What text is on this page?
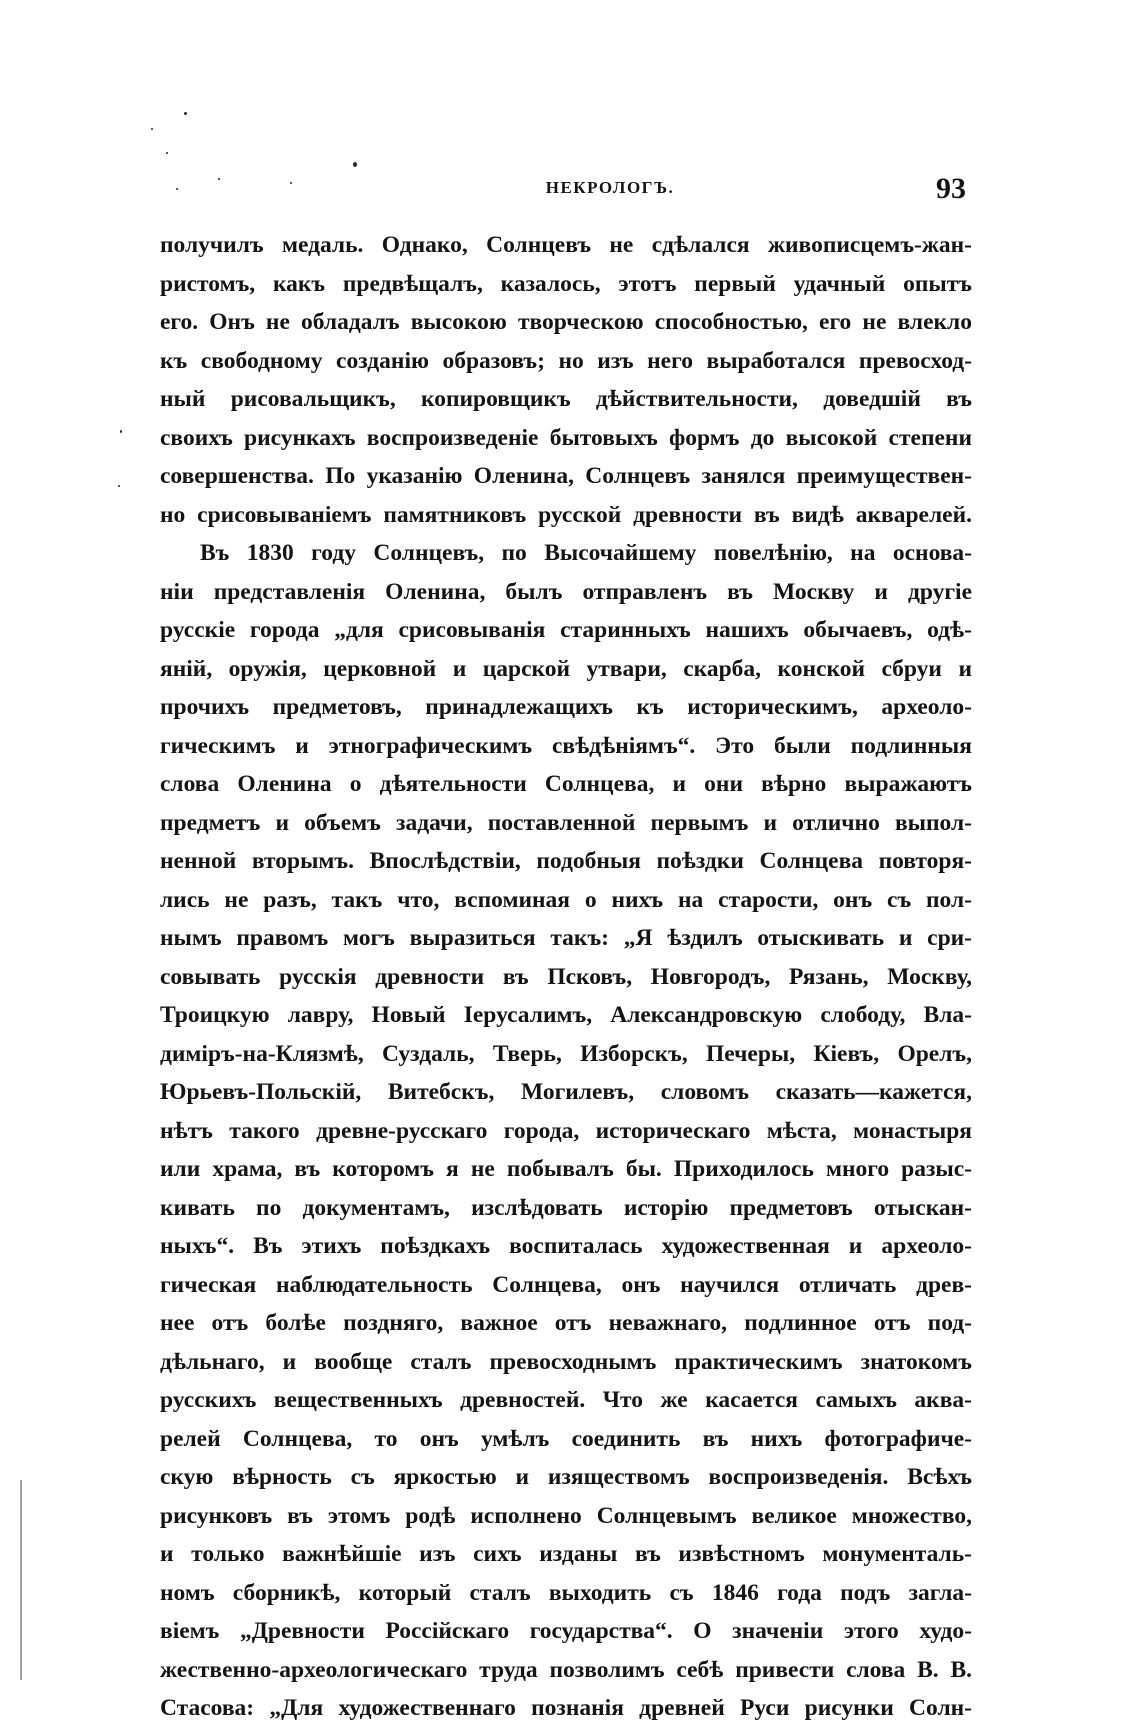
НЕКРОЛОГЪ.	93
получилъ медаль. Однако, Солнцевъ не сдѣлался живописцемъ-жан-
ристомъ, какъ предвѣщалъ, казалось, этотъ первый удачный опытъ
его. Онъ не обладалъ высокою творческою способностью, его не влекло
къ свободному созданію образовъ; но изъ него выработался превосход-
ный рисовальщикъ, копировщикъ дѣйствительности, доведшій въ
своихъ рисункахъ воспроизведеніе бытовыхъ формъ до высокой степени
совершенства. По указанію Оленина, Солнцевъ занялся преимуществен-
но срисовываніемъ памятниковъ русской древности въ видѣ акварелей.
Въ 1830 году Солнцевъ, по Высочайшему повелѣнію, на основа-
ніи представленія Оленина, былъ отправленъ въ Москву и другіе
русскіе города „для срисовыванія старинныхъ нашихъ обычаевъ, одѣ-
яній, оружія, церковной и царской утвари, скарба, конской сбруи и
прочихъ предметовъ, принадлежащихъ къ историческимъ, археоло-
гическимъ и этнографическимъ свѣдѣніямъ“. Это были подлинныя
слова Оленина о дѣятельности Солнцева, и они вѣрно выражаютъ
предметъ и объемъ задачи, поставленной первымъ и отлично выпол-
ненной вторымъ. Впослѣдствіи, подобныя поѣздки Солнцева повторя-
лись не разъ, такъ что, вспоминая о нихъ на старости, онъ съ пол-
нымъ правомъ могъ выразиться такъ: „Я ѣздилъ отыскивать и сри-
совывать русскія древности въ Псковъ, Новгородъ, Рязань, Москву,
Троицкую лавру, Новый Іерусалимъ, Александровскую слободу, Вла-
диміръ-на-Клязмѣ, Суздаль, Тверь, Изборскъ, Печеры, Кіевъ, Орелъ,
Юрьевъ-Польскій, Витебскъ, Могилевъ, словомъ сказать—кажется,
нѣтъ такого древне-русскаго города, историческаго мѣста, монастыря
или храма, въ которомъ я не побывалъ бы. Приходилось много разыс-
кивать по документамъ, изслѣдовать исторію предметовъ отыскан-
ныхъ“. Въ этихъ поѣздкахъ воспиталась художественная и археоло-
гическая наблюдательность Солнцева, онъ научился отличать древ-
нее отъ болѣе поздняго, важное отъ неважнаго, подлинное отъ под-
дѣльнаго, и вообще сталъ превосходнымъ практическимъ знатокомъ
русскихъ вещественныхъ древностей. Что же касается самыхъ аква-
релей Солнцева, то онъ умѣлъ соединить въ нихъ фотографиче-
скую вѣрность съ яркостью и изяществомъ воспроизведенія. Всѣхъ
рисунковъ въ этомъ родѣ исполнено Солнцевымъ великое множество,
и только важнѣйшіе изъ сихъ изданы въ извѣстномъ монументаль-
номъ сборникѣ, который сталъ выходить съ 1846 года подъ загла-
віемъ „Древности Россійскаго государства“. О значеніи этого худо-
жественно-археологическаго труда позволимъ себѣ привести слова В. В.
Стасова: „Для художественнаго познанія древней Руси рисунки Солн-
